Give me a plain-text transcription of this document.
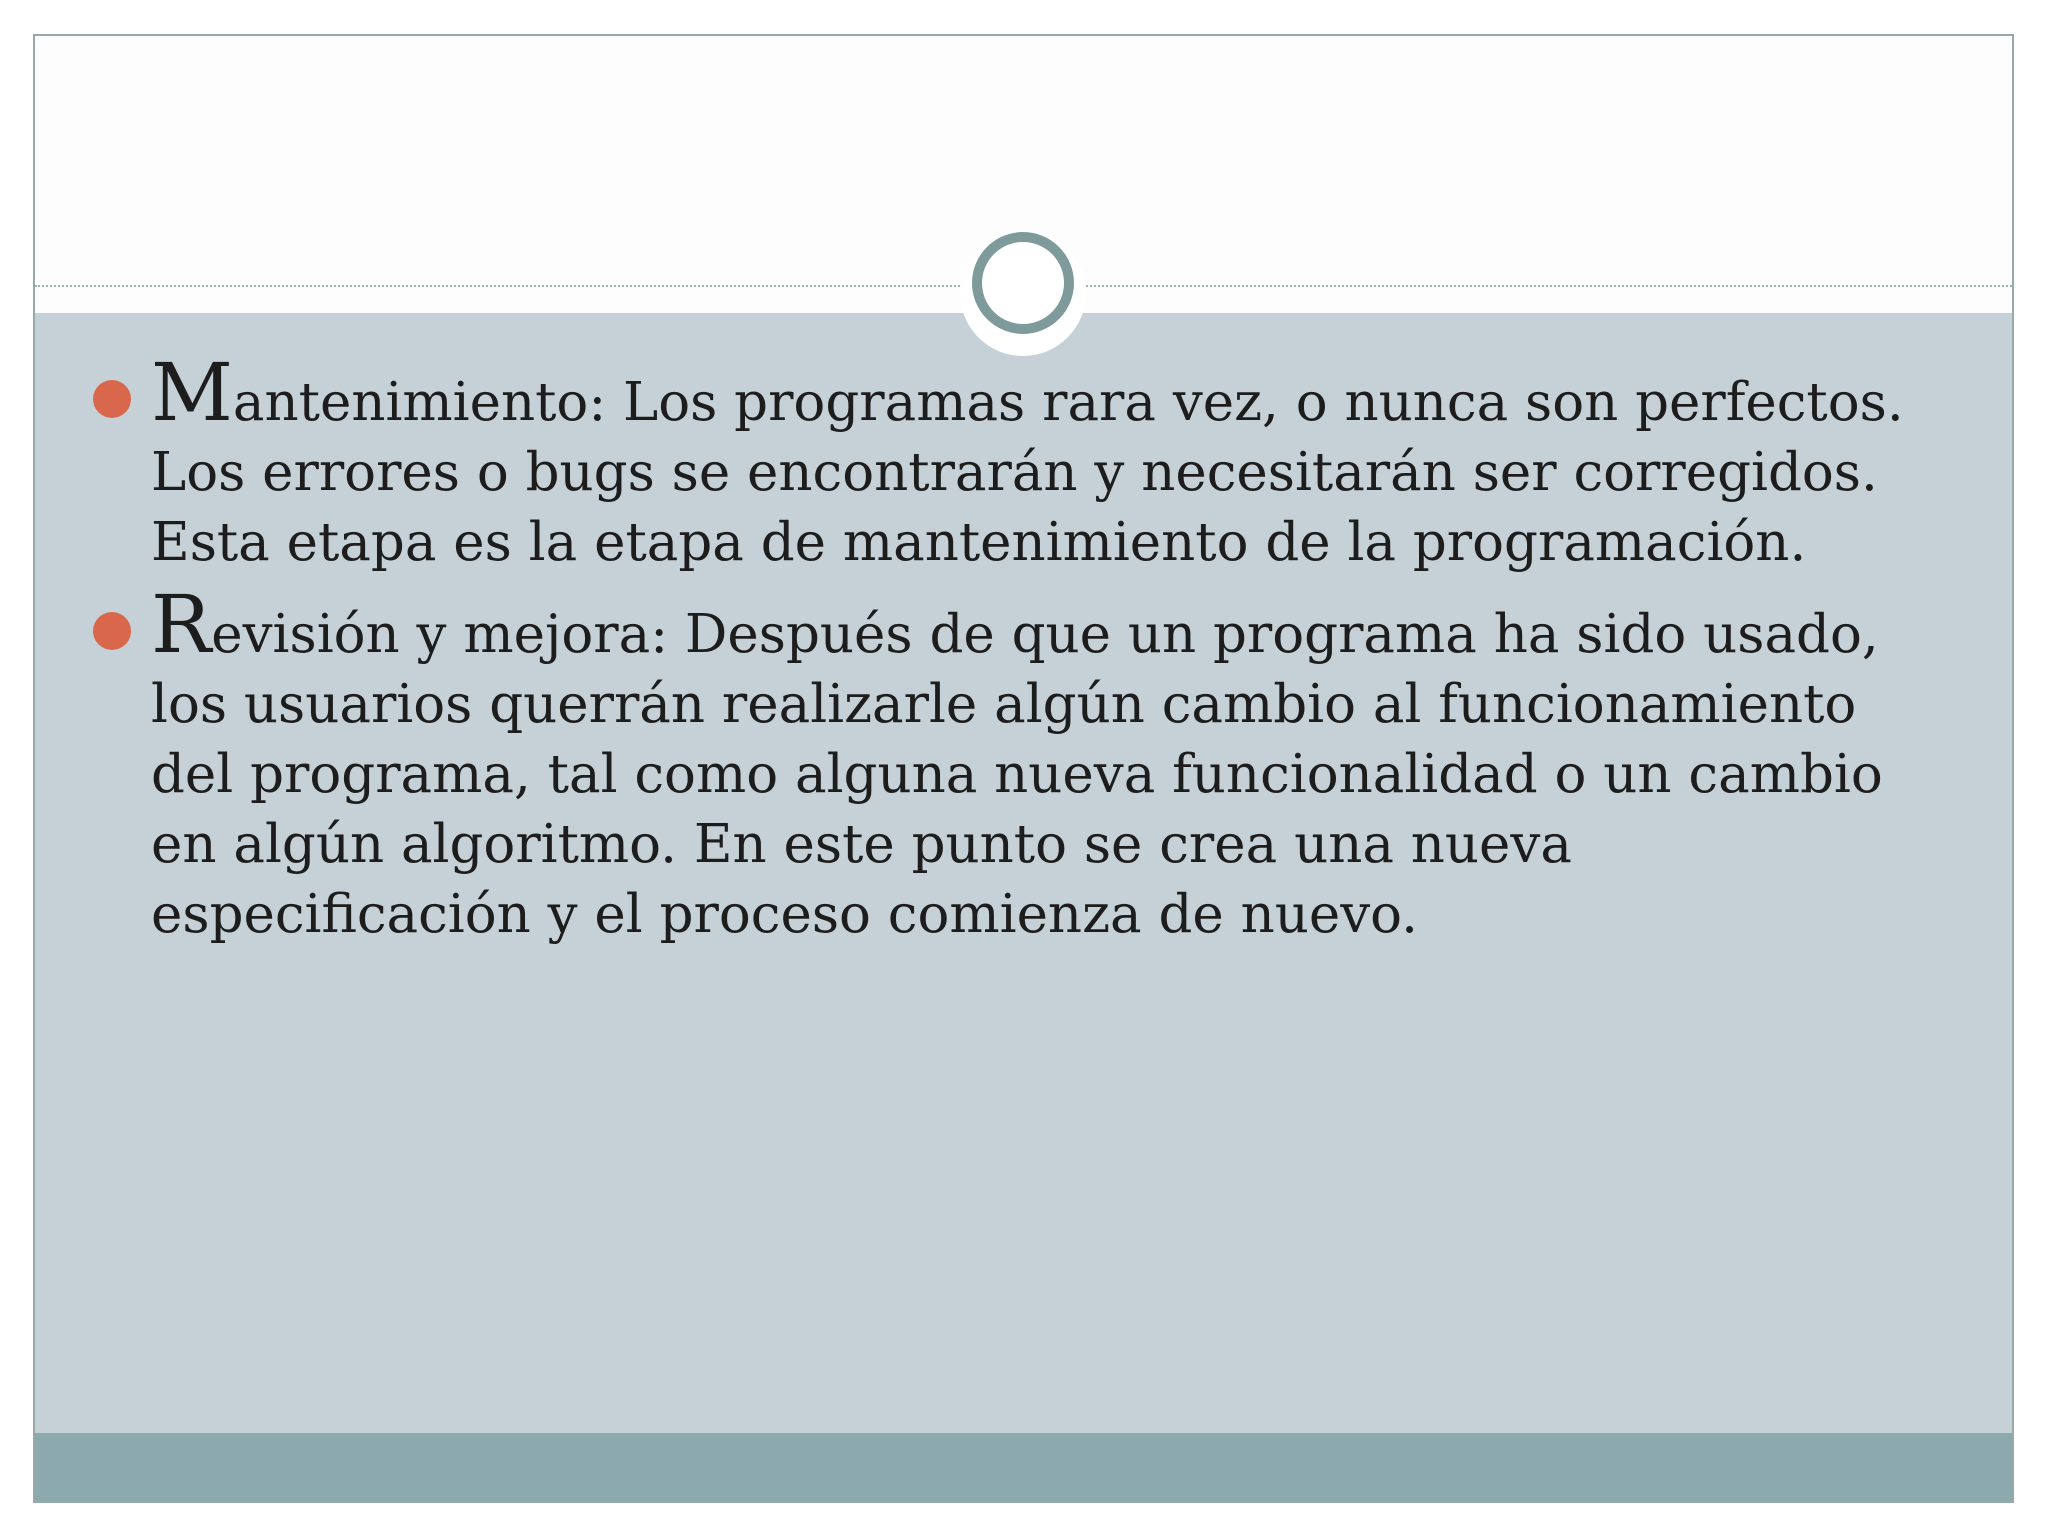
Mantenimiento: Los programas rara vez, o nunca son perfectos. Los errores o bugs se encontrarán y necesitarán ser corregidos. Esta etapa es la etapa de mantenimiento de la programación.
Revisión y mejora: Después de que un programa ha sido usado, los usuarios querrán realizarle algún cambio al funcionamiento del programa, tal como alguna nueva funcionalidad o un cambio en algún algoritmo. En este punto se crea una nueva especificación y el proceso comienza de nuevo.
